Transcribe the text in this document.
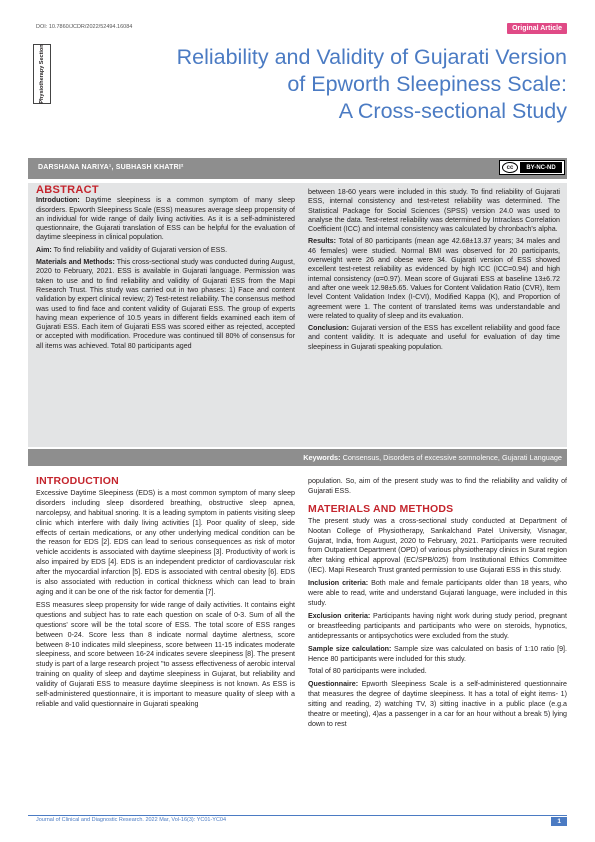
DOI: 10.7860/JCDR/2022/52494.16084	Original Article
Physiotherapy Section	Reliability and Validity of Gujarati Version
of Epworth Sleepiness Scale:
A Cross-sectional Study
DARSHANA NARIYA¹, SUBHASH KHATRI²	cc	BY-NC-ND
ABSTRACT

Introduction: Daytime sleepiness is a common symptom of many sleep disorders. Epworth Sleepiness Scale (ESS) measures average sleep propensity of an individual for wide range of daily living activities. As it is a self-administered questionnaire, the Gujarati translation of ESS can be helpful for the evaluation of daytime sleepiness in clinical population.

Aim: To find reliability and validity of Gujarati version of ESS.

Materials and Methods: This cross-sectional study was conducted during August, 2020 to February, 2021. ESS is available in Gujarati language. Permission was taken to use and to find reliability and validity of Gujarati ESS from the Mapi Research Trust. This study was carried out in two phases: 1) Face and content validation by expert clinical review; 2) Test-retest reliability. The consensus method was used to find face and content validity of Gujarati ESS. The group of experts having mean experience of 10.5 years in different fields examined each item of Gujarati ESS. Each item of Gujarati ESS was scored either as rejected, accepted or accepted with modification. Procedure was continued till 80% of consensus for all items was achieved. Total 80 participants aged

between 18-60 years were included in this study. To find reliability of Gujarati ESS, internal consistency and test-retest reliability was determined. The Statistical Package for Social Sciences (SPSS) version 24.0 was used to analyse the data. Test-retest reliability was determined by Intraclass Correlation Coefficient (ICC) and internal consistency was calculated by chronbach's alpha.

Results: Total of 80 participants (mean age 42.68±13.37 years; 34 males and 46 females) were studied. Normal BMI was observed for 20 participants, overweight were 26 and obese were 34. Gujarati version of ESS showed excellent test-retest reliability as evidenced by high ICC (ICC=0.94) and high internal consistency (α=0.97). Mean score of Gujarati ESS at baseline 13±6.72 and after one week 12.98±5.65. Values for Content Validation Ratio (CVR), Item level Content Validation Index (I-CVI), Modified Kappa (K), and Proportion of agreement were 1. The content of translated items was understandable and were related to quality of sleep and its evaluation.

Conclusion: Gujarati version of the ESS has excellent reliability and good face and content validity. It is adequate and useful for evaluation of day time sleepiness in Gujarati speaking population.

Keywords: Consensus, Disorders of excessive somnolence, Gujarati Language
INTRODUCTION

Excessive Daytime Sleepiness (EDS) is a most common symptom of many sleep disorders including sleep disordered breathing, obstructive sleep apnea, narcolepsy, and habitual snoring. It is a leading symptom in patients visiting sleep clinic which interfere with daily living activities [1]. Poor quality of sleep, side effects of certain medications, or any other underlying medical condition can be the reason for EDS [2]. EDS can lead to serious consequences as risk of motor vehicle accidents is associated with daytime sleepiness [3]. Productivity of work is also impaired by EDS [4]. EDS is an independent predictor of cardiovascular risk after the myocardial infarction [5]. EDS is associated with central obesity [6]. EDS is also associated with reduction in cortical thickness which can lead to brain aging and it can be one of the risk factor for dementia [7].

ESS measures sleep propensity for wide range of daily activities. It contains eight questions and subject has to rate each question on scale of 0-3. Sum of all the questions' score will be the total score of ESS. The total score of ESS ranges between 0-24. Score less than 8 indicate normal daytime alertness, score between 8-10 indicates mild sleepiness, score between 11-15 indicates moderate sleepiness, and score between 16-24 indicates severe sleepiness [8]. The present study is part of a large research project "to assess effectiveness of aerobic interval training on quality of sleep and daytime sleepiness in Gujarat, but reliability and validity of Gujarati ESS to measure daytime sleepiness is not known. As ESS is self-administered questionnaire, it is important to measure quality of sleep with a reliable and valid questionnaire in Gujarati speaking

population. So, aim of the present study was to find the reliability and validity of Gujarati ESS.

MATERIALS AND METHODS

The present study was a cross-sectional study conducted at Department of Nootan College of Physiotherapy, Sankalchand Patel University, Visnagar, Gujarat, India, from August, 2020 to February, 2021. Participants were recruited from Outpatient Department (OPD) of various physiotherapy clinics in Surat region after taking ethical approval (EC/SPB/025) from Institutional Ethics Committee (IEC). Mapi Research Trust granted permission to use Gujarati ESS in this study.

Inclusion criteria: Both male and female participants older than 18 years, who were able to read, write and understand Gujarati language, were included in this study.

Exclusion criteria: Participants having night work during study period, pregnant or breastfeeding participants and participants who were on steroids, hypnotics, antidepressants or antipsychotics were excluded from the study.

Sample size calculation: Sample size was calculated on basis of 1:10 ratio [9]. Hence 80 participants were included for this study.

Total of 80 participants were included.

Questionnaire: Epworth Sleepiness Scale is a self-administered questionnaire that measures the degree of daytime sleepiness. It has a total of eight items- 1) sitting and reading, 2) watching TV, 3) sitting inactive in a public place (e.g.a theatre or meeting), 4)as a passenger in a car for an hour without a break 5) lying down to rest

Journal of Clinical and Diagnostic Research. 2022 Mar, Vol-16(3): YC01-YC04	1
